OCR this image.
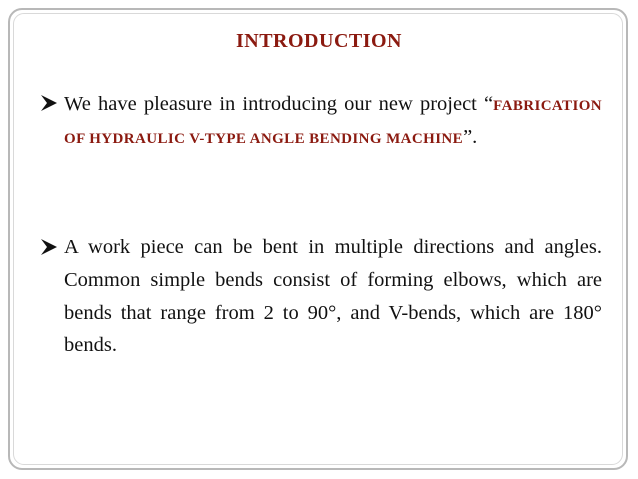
INTRODUCTION
We have pleasure in introducing our new project “FABRICATION OF HYDRAULIC V-TYPE ANGLE BENDING MACHINE”.
A work piece can be bent in multiple directions and angles. Common simple bends consist of forming elbows, which are bends that range from 2 to 90°, and V-bends, which are 180° bends.
